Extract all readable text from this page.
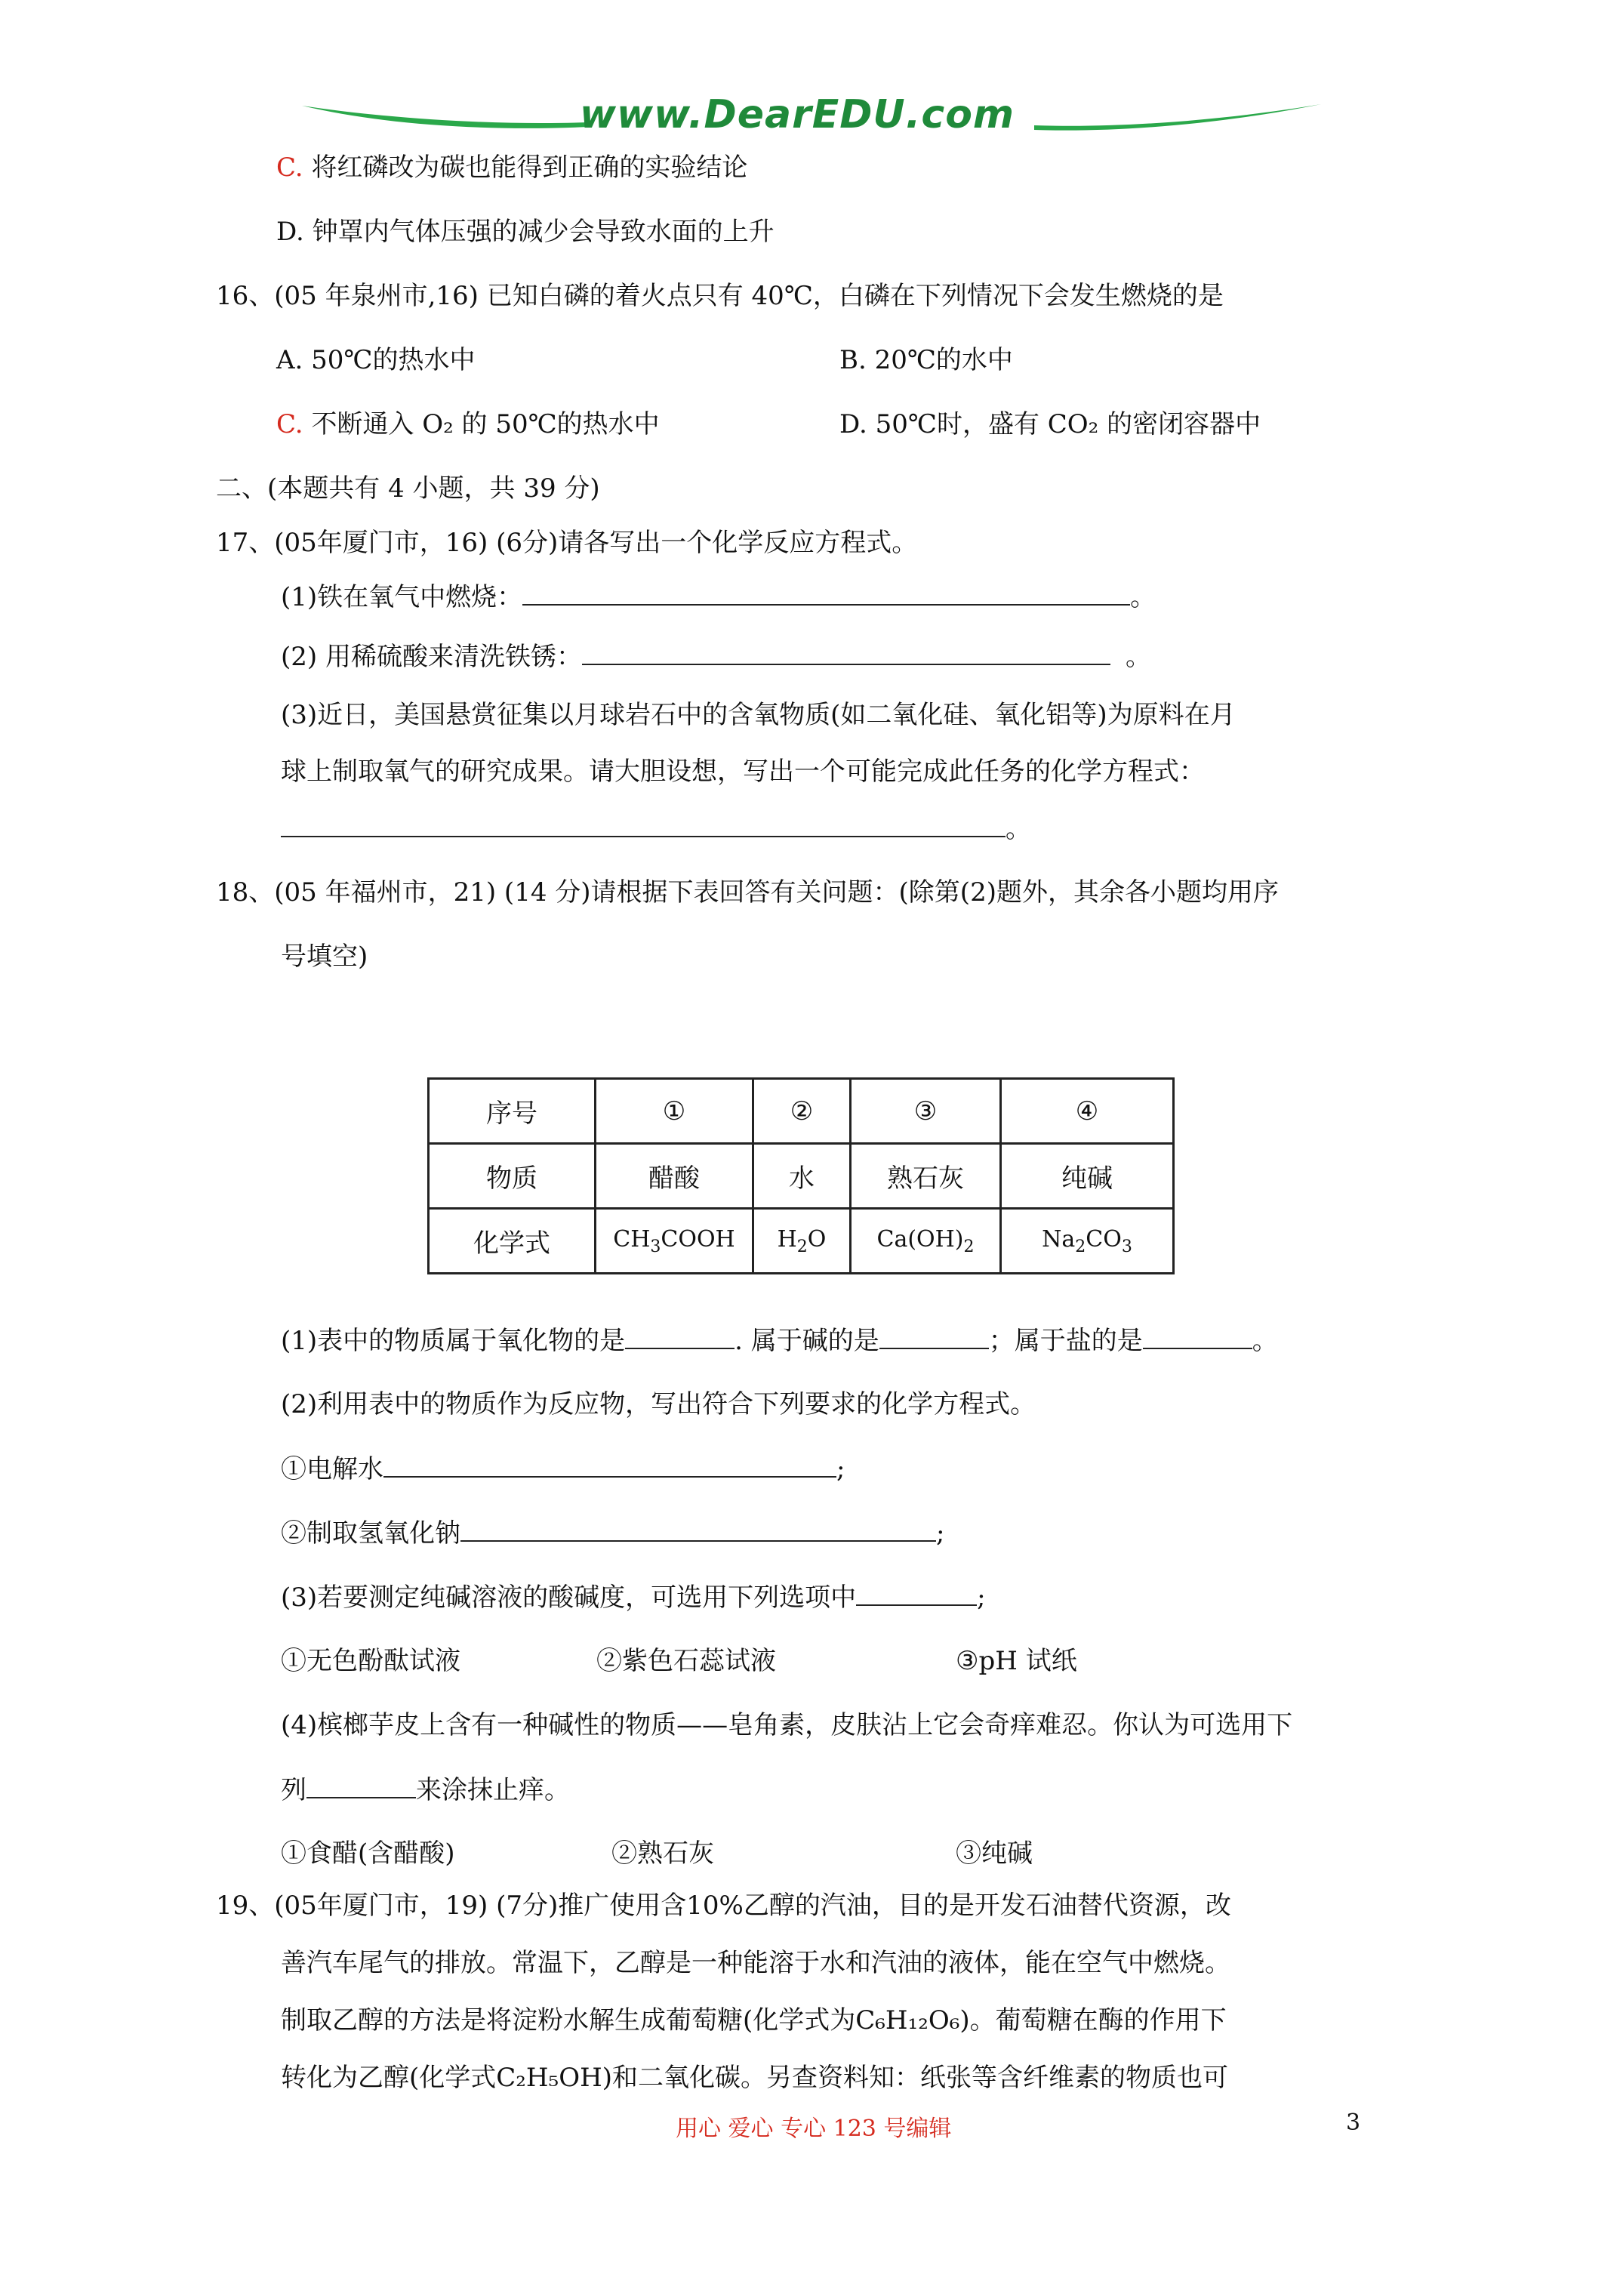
www.DearEDU.com
C. 将红磷改为碳也能得到正确的实验结论
D. 钟罩内气体压强的减少会导致水面的上升
16、(05 年泉州市,16) 已知白磷的着火点只有 40℃，白磷在下列情况下会发生燃烧的是
A. 50℃的热水中	B. 20℃的水中
C. 不断通入 O₂ 的 50℃的热水中	D. 50℃时，盛有 CO₂ 的密闭容器中
二、(本题共有 4 小题，共 39 分)
17、(05年厦门市，16) (6分)请各写出一个化学反应方程式。
(1)铁在氧气中燃烧：	。
(2) 用稀硫酸来清洗铁锈：	。
(3)近日，美国悬赏征集以月球岩石中的含氧物质(如二氧化硅、氧化铝等)为原料在月
球上制取氧气的研究成果。请大胆设想，写出一个可能完成此任务的化学方程式：
。
18、(05 年福州市，21) (14 分)请根据下表回答有关问题：(除第(2)题外，其余各小题均用序
号填空)
序号	①	②	③	④
物质	醋酸	水	熟石灰	纯碱
化学式	$CH_3COOH$	$H_2O$	$Ca(OH)_2$	$Na_2CO_3$
(1)表中的物质属于氧化物的是	. 属于碱的是	；属于盐的是	。
(2)利用表中的物质作为反应物，写出符合下列要求的化学方程式。
①电解水	;
②制取氢氧化钠	;
(3)若要测定纯碱溶液的酸碱度，可选用下列选项中	;
①无色酚酞试液	②紫色石蕊试液	③pH 试纸
(4)槟榔芋皮上含有一种碱性的物质——皂角素，皮肤沾上它会奇痒难忍。你认为可选用下
列	来涂抹止痒。
①食醋(含醋酸)	②熟石灰	③纯碱
19、(05年厦门市，19) (7分)推广使用含10%乙醇的汽油，目的是开发石油替代资源，改
善汽车尾气的排放。常温下，乙醇是一种能溶于水和汽油的液体，能在空气中燃烧。
制取乙醇的方法是将淀粉水解生成葡萄糖(化学式为C₆H₁₂O₆)。葡萄糖在酶的作用下
转化为乙醇(化学式C₂H₅OH)和二氧化碳。另查资料知：纸张等含纤维素的物质也可
用心 爱心 专心 123 号编辑	3
